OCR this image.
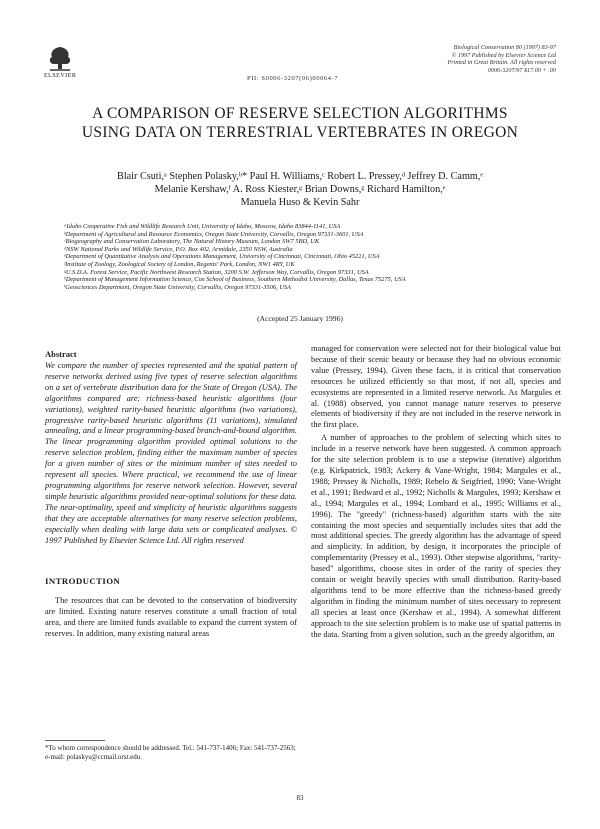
ELSEVIER	PII: S0006-3207(96)00064-7
Biological Conservation 80 (1997) 83-97
© 1997 Published by Elsevier Science Ltd
Printed in Great Britain. All rights reserved
0006-3207/97 $17.00 + .00
A COMPARISON OF RESERVE SELECTION ALGORITHMS
USING DATA ON TERRESTRIAL VERTEBRATES IN OREGON
Blair Csuti,ᵃ Stephen Polasky,ᵇ* Paul H. Williams,ᶜ Robert L. Pressey,ᵈ Jeffrey D. Camm,ᵉ
Melanie Kershaw,ᶠ A. Ross Kiester,ᵍ Brian Downs,ᵍ Richard Hamilton,ᵉ
Manuela Huso & Kevin Sahr
ᵃIdaho Cooperative Fish and Wildlife Research Unit, University of Idaho, Moscow, Idaho 83844-1141, USA
ᵇDepartment of Agricultural and Resource Economics, Oregon State University, Corvallis, Oregon 97331-3601, USA
ᶜBiogeography and Conservation Laboratory, The Natural History Museum, London SW7 5BD, UK
ᵈNSW National Parks and Wildlife Service, P.O. Box 402, Armidale, 2350 NSW, Australia
ᵉDepartment of Quantitative Analysis and Operations Management, University of Cincinnati, Cincinnati, Ohio 45221, USA
ᶠInstitute of Zoology, Zoological Society of London, Regents' Park, London, NW1 4RY, UK
ᵍU.S.D.A. Forest Service, Pacific Northwest Research Station, 3200 S.W. Jefferson Way, Corvallis, Oregon 97331, USA
ʰDepartment of Management Information Science, Cox School of Business, Southern Methodist University, Dallas, Texas 75275, USA
ⁱGeosciences Department, Oregon State University, Corvallis, Oregon 97331-3506, USA
(Accepted 25 January 1996)
Abstract

We compare the number of species represented and the spatial pattern of reserve networks derived using five types of reserve selection algorithms on a set of vertebrate distribution data for the State of Oregon (USA). The algorithms compared are: richness-based heuristic algorithms (four variations), weighted rarity-based heuristic algorithms (two variations), progressive rarity-based heuristic algorithms (11 variations), simulated annealing, and a linear programming-based branch-and-bound algorithm. The linear programming algorithm provided optimal solutions to the reserve selection problem, finding either the maximum number of species for a given number of sites or the minimum number of sites needed to represent all species. Where practical, we recommend the use of linear programming algorithms for reserve network selection. However, several simple heuristic algorithms provided near-optimal solutions for these data. The near-optimality, speed and simplicity of heuristic algorithms suggests that they are acceptable alternatives for many reserve selection problems, especially when dealing with large data sets or complicated analyses. © 1997 Published by Elsevier Science Ltd. All rights reserved

INTRODUCTION

The resources that can be devoted to the conservation of biodiversity are limited. Existing nature reserves constitute a small fraction of total area, and there are limited funds available to expand the current system of reserves. In addition, many existing natural areas

*To whom correspondence should be addressed. Tel.: 541-737-1406; Fax: 541-737-2563; e-mail: polaskys@ccmail.orst.edu.

managed for conservation were selected not for their biological value but because of their scenic beauty or because they had no obvious economic value (Pressey, 1994). Given these facts, it is critical that conservation resources be utilized efficiently so that most, if not all, species and ecosystems are represented in a limited reserve network. As Margules et al. (1988) observed, you cannot manage nature reserves to preserve elements of biodiversity if they are not included in the reserve network in the first place.

A number of approaches to the problem of selecting which sites to include in a reserve network have been suggested. A common approach for the site selection problem is to use a stepwise (iterative) algorithm (e.g. Kirkpatrick, 1983; Ackery & Vane-Wright, 1984; Margules et al., 1988; Pressey & Nicholls, 1989; Rebelo & Seigfried, 1990; Vane-Wright et al., 1991; Bedward et al., 1992; Nicholls & Margules, 1993; Kershaw et al., 1994; Margules et al., 1994; Lombard et al., 1995; Williams et al., 1996). The "greedy" (richness-based) algorithm starts with the site containing the most species and sequentially includes sites that add the most additional species. The greedy algorithm has the advantage of speed and simplicity. In addition, by design, it incorporates the principle of complementarity (Pressey et al., 1993). Other stepwise algorithms, "rarity-based" algorithms, choose sites in order of the rarity of species they contain or weight heavily species with small distribution. Rarity-based algorithms tend to be more effective than the richness-based greedy algorithm in finding the minimum number of sites necessary to represent all species at least once (Kershaw et al., 1994). A somewhat different approach to the site selection problem is to make use of spatial patterns in the data. Starting from a given solution, such as the greedy algorithm, an

83
